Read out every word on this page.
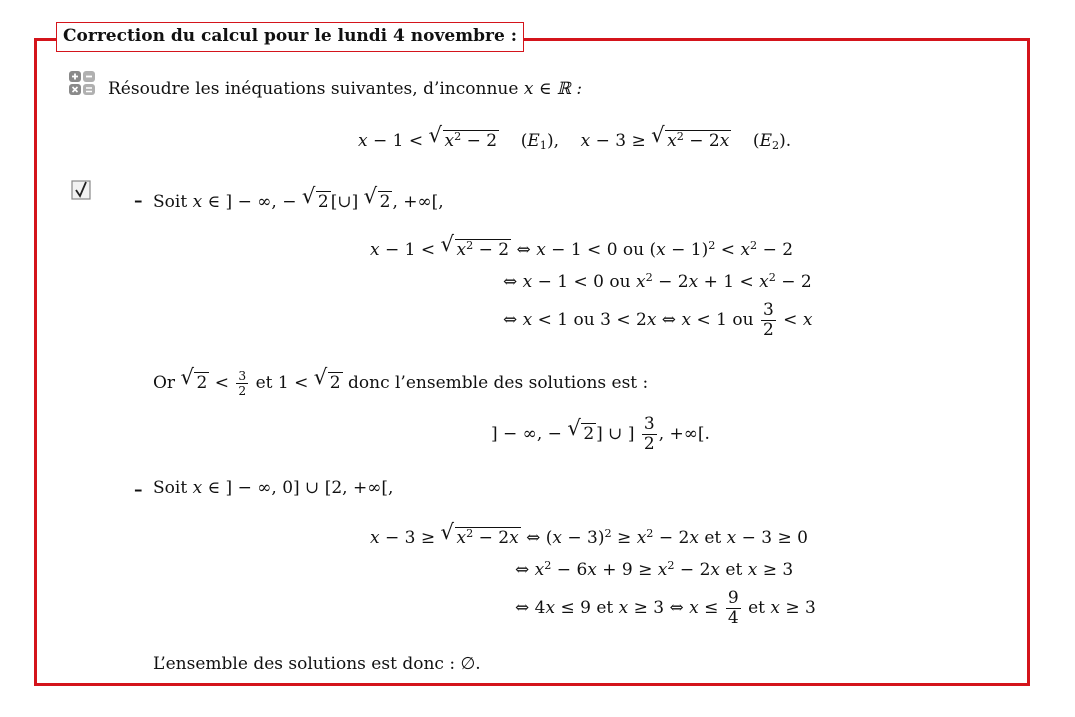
Correction du calcul pour le lundi 4 novembre :
Résoudre les inéquations suivantes, d’inconnue x ∈ ℝ :
x − 1 < √ $x^2 - 2$    $(E_1)$,    x − 3 ≥ √ $x^2 - 2x$    $(E_2)$.
– Soit x ∈ ] − ∞, − √ 2 [∪] √ 2 , +∞[,
x − 1 < √ $x^2 - 2$ ⇔ x − 1 < 0 ou $(x - 1)^2 < x^2 - 2$
⇔ x − 1 < 0 ou $x^2 - 2x + 1 < x^2 - 2$
⇔ x < 1 ou 3 < 2x ⇔ x < 1 ou $\frac{3}{2} < x$
Or √ $2 < \frac{3}{2}$ et 1 < √ 2 donc l’ensemble des solutions est :
] − ∞, − √ 2 ] ∪ ] $\frac{3}{2}$ , +∞[.
– Soit x ∈ ] − ∞, 0] ∪ [2, +∞[,
x − 3 ≥ √ $x^2 - 2x$ ⇔ $(x - 3)^2 \ge x^2 - 2x$ et x − 3 ≥ 0
⇔ $x^2 - 6x + 9 \ge x^2 - 2x$ et x ≥ 3
⇔ 4x ≤ 9 et x ≥ 3 ⇔ $x \le \frac{9}{4}$ et x ≥ 3
L’ensemble des solutions est donc : ∅.
